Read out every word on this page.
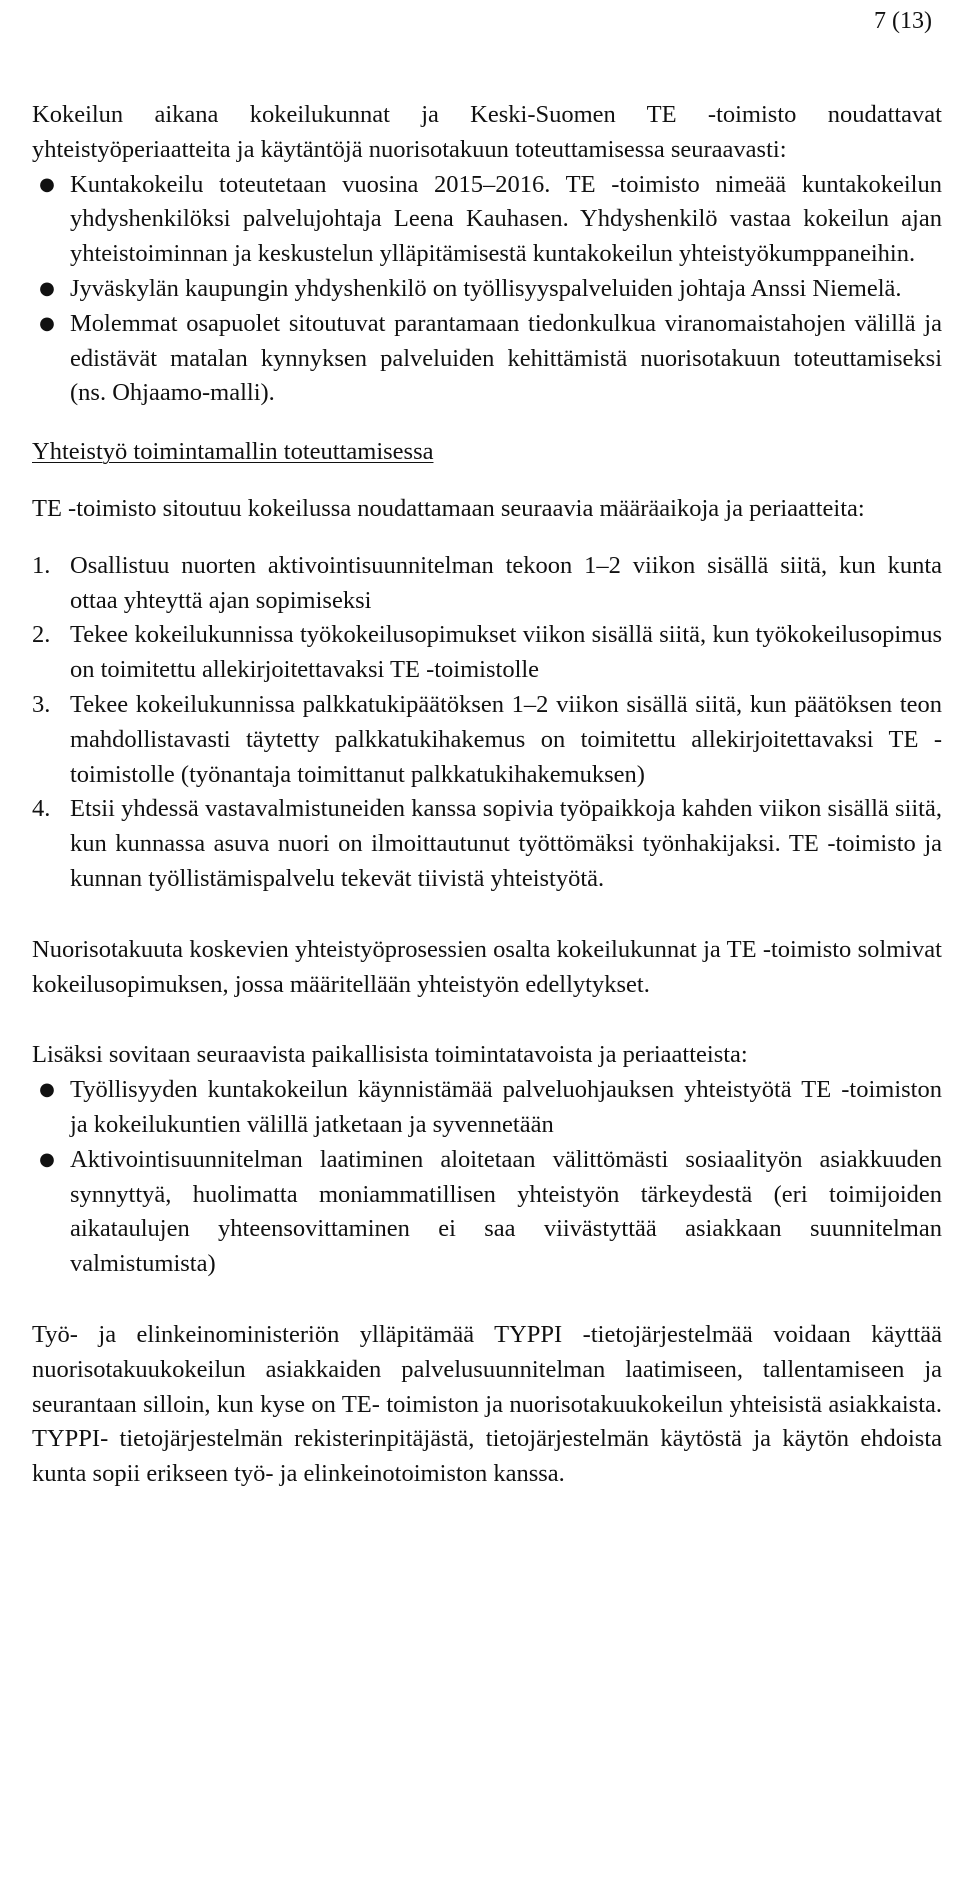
7 (13)

Kokeilun aikana kokeilukunnat ja Keski-Suomen TE -toimisto noudattavat yhteistyöperiaatteita ja käytäntöjä nuorisotakuun toteuttamisessa seuraavasti:

● Kuntakokeilu toteutetaan vuosina 2015–2016. TE -toimisto nimeää kuntakokeilun yhdyshenkilöksi palvelujohtaja Leena Kauhasen. Yhdyshenkilö vastaa kokeilun ajan yhteistoiminnan ja keskustelun ylläpitämisestä kuntakokeilun yhteistyökumppaneihin.
● Jyväskylän kaupungin yhdyshenkilö on työllisyyspalveluiden johtaja Anssi Niemelä.
● Molemmat osapuolet sitoutuvat parantamaan tiedonkulkua viranomaistahojen välillä ja edistävät matalan kynnyksen palveluiden kehittämistä nuorisotakuun toteuttamiseksi (ns. Ohjaamo-malli).

Yhteistyö toimintamallin toteuttamisessa

TE -toimisto sitoutuu kokeilussa noudattamaan seuraavia määräaikoja ja periaatteita:

1. Osallistuu nuorten aktivointisuunnitelman tekoon 1–2 viikon sisällä siitä, kun kunta ottaa yhteyttä ajan sopimiseksi
2. Tekee kokeilukunnissa työkokeilusopimukset viikon sisällä siitä, kun työkokeilusopimus on toimitettu allekirjoitettavaksi TE -toimistolle
3. Tekee kokeilukunnissa palkkatukipäätöksen 1–2 viikon sisällä siitä, kun päätöksen teon mahdollistavasti täytetty palkkatukihakemus on toimitettu allekirjoitettavaksi TE -toimistolle (työnantaja toimittanut palkkatukihakemuksen)
4. Etsii yhdessä vastavalmistuneiden kanssa sopivia työpaikkoja kahden viikon sisällä siitä, kun kunnassa asuva nuori on ilmoittautunut työttömäksi työnhakijaksi. TE -toimisto ja kunnan työllistämispalvelu tekevät tiivistä yhteistyötä.

Nuorisotakuuta koskevien yhteistyöprosessien osalta kokeilukunnat ja TE -toimisto solmivat kokeilusopimuksen, jossa määritellään yhteistyön edellytykset.

Lisäksi sovitaan seuraavista paikallisista toimintatavoista ja periaatteista:

● Työllisyyden kuntakokeilun käynnistämää palveluohjauksen yhteistyötä TE -toimiston ja kokeilukuntien välillä jatketaan ja syvennetään
● Aktivointisuunnitelman laatiminen aloitetaan välittömästi sosiaalityön asiakkuuden synnyttyä, huolimatta moniammatillisen yhteistyön tärkeydestä (eri toimijoiden aikataulujen yhteensovittaminen ei saa viivästyttää asiakkaan suunnitelman valmistumista)

Työ- ja elinkeinoministeriön ylläpitämää TYPPI -tietojärjestelmää voidaan käyttää nuorisotakuukokeilun asiakkaiden palvelusuunnitelman laatimiseen, tallentamiseen ja seurantaan silloin, kun kyse on TE- toimiston ja nuorisotakuukokeilun yhteisistä asiakkaista. TYPPI- tietojärjestelmän rekisterinpitäjästä, tietojärjestelmän käytöstä ja käytön ehdoista kunta sopii erikseen työ- ja elinkeinotoimiston kanssa.
